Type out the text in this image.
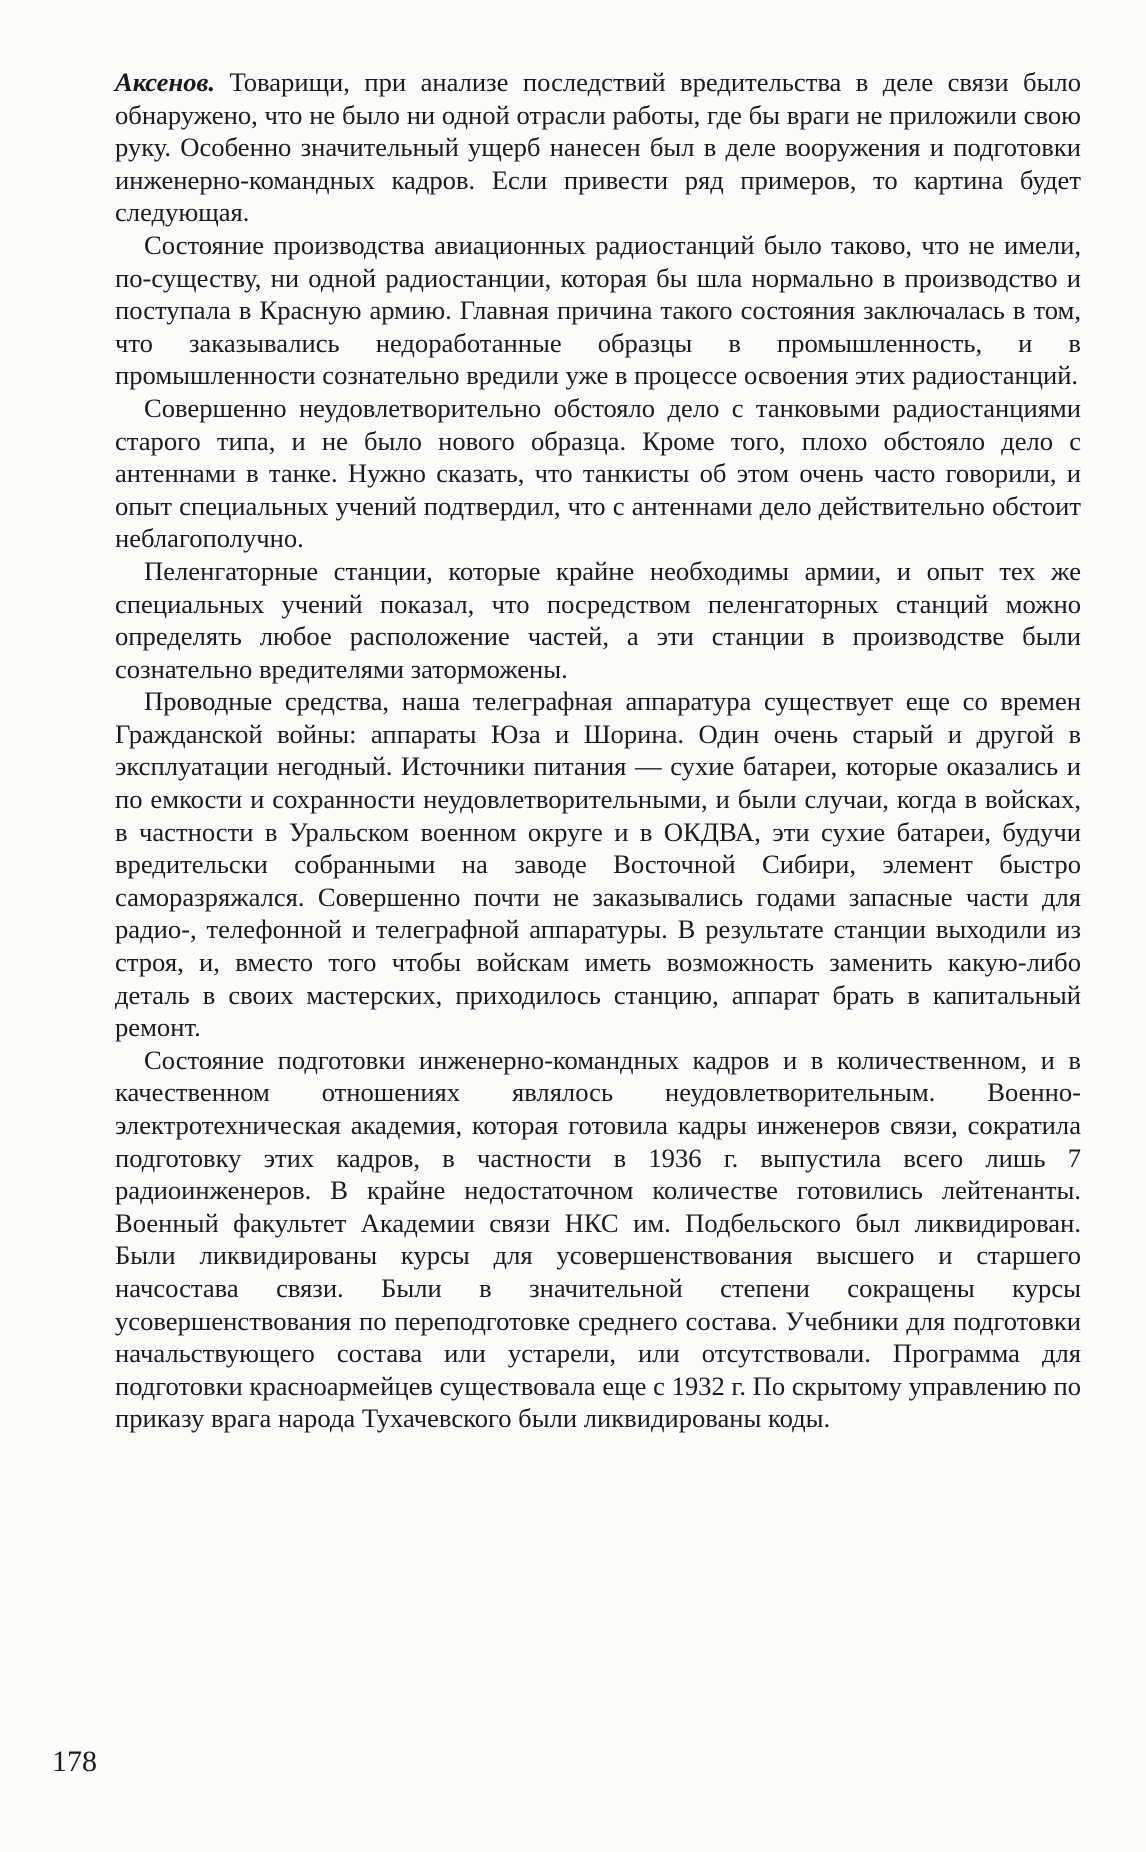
Аксенов. Товарищи, при анализе последствий вредительства в деле связи было обнаружено, что не было ни одной отрасли работы, где бы враги не приложили свою руку. Особенно значительный ущерб нанесен был в деле вооружения и подготовки инженерно-командных кадров. Если привести ряд примеров, то картина будет следующая.

Состояние производства авиационных радиостанций было таково, что не имели, по-существу, ни одной радиостанции, которая бы шла нормально в производство и поступала в Красную армию. Главная причина такого состояния заключалась в том, что заказывались недоработанные образцы в промышленность, и в промышленности сознательно вредили уже в процессе освоения этих радиостанций.

Совершенно неудовлетворительно обстояло дело с танковыми радиостанциями старого типа, и не было нового образца. Кроме того, плохо обстояло дело с антеннами в танке. Нужно сказать, что танкисты об этом очень часто говорили, и опыт специальных учений подтвердил, что с антеннами дело действительно обстоит неблагополучно.

Пеленгаторные станции, которые крайне необходимы армии, и опыт тех же специальных учений показал, что посредством пеленгаторных станций можно определять любое расположение частей, а эти станции в производстве были сознательно вредителями заторможены.

Проводные средства, наша телеграфная аппаратура существует еще со времен Гражданской войны: аппараты Юза и Шорина. Один очень старый и другой в эксплуатации негодный. Источники питания — сухие батареи, которые оказались и по емкости и сохранности неудовлетворительными, и были случаи, когда в войсках, в частности в Уральском военном округе и в ОКДВА, эти сухие батареи, будучи вредительски собранными на заводе Восточной Сибири, элемент быстро саморазряжался. Совершенно почти не заказывались годами запасные части для радио-, телефонной и телеграфной аппаратуры. В результате станции выходили из строя, и, вместо того чтобы войскам иметь возможность заменить какую-либо деталь в своих мастерских, приходилось станцию, аппарат брать в капитальный ремонт.

Состояние подготовки инженерно-командных кадров и в количественном, и в качественном отношениях являлось неудовлетворительным. Военно-электротехническая академия, которая готовила кадры инженеров связи, сократила подготовку этих кадров, в частности в 1936 г. выпустила всего лишь 7 радиоинженеров. В крайне недостаточном количестве готовились лейтенанты. Военный факультет Академии связи НКС им. Подбельского был ликвидирован. Были ликвидированы курсы для усовершенствования высшего и старшего начсостава связи. Были в значительной степени сокращены курсы усовершенствования по переподготовке среднего состава. Учебники для подготовки начальствующего состава или устарели, или отсутствовали. Программа для подготовки красноармейцев существовала еще с 1932 г. По скрытому управлению по приказу врага народа Тухачевского были ликвидированы коды.

178
